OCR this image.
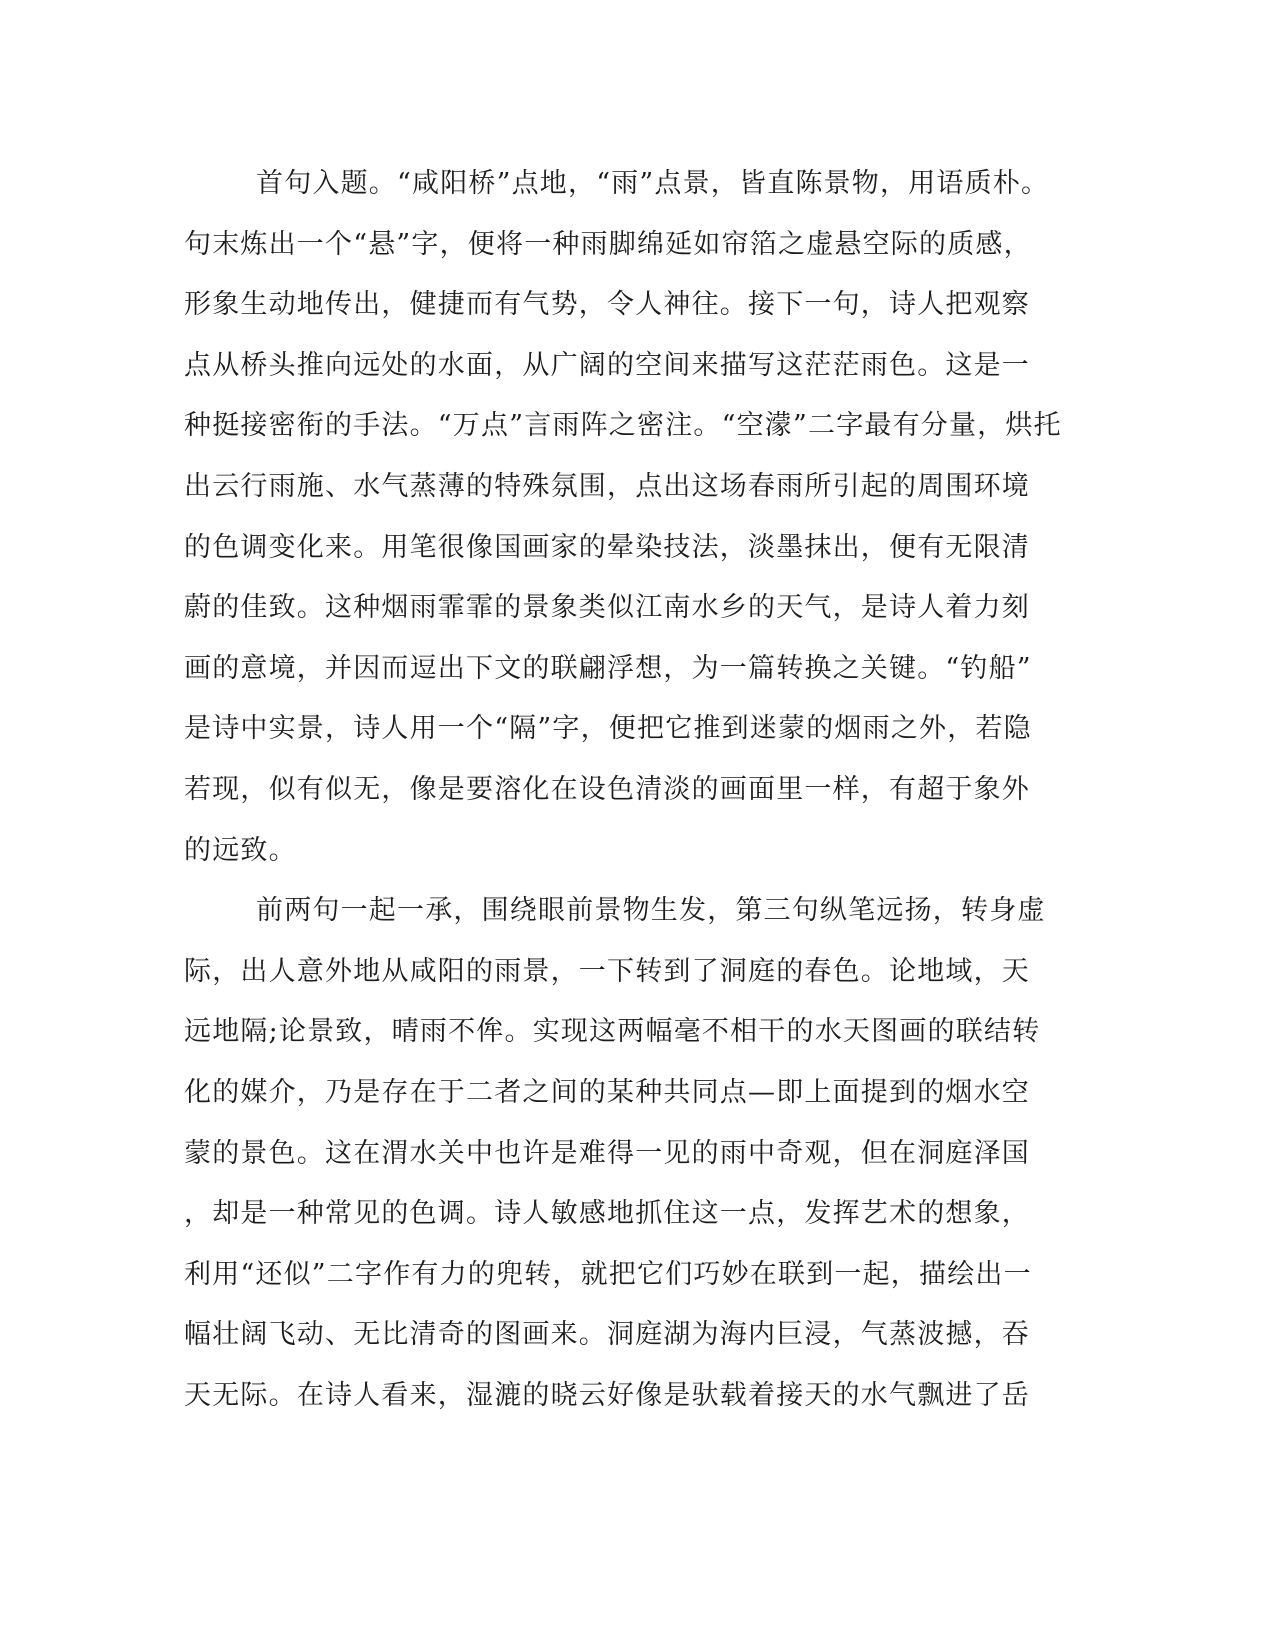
首句入题。“咸阳桥”点地，“雨”点景，皆直陈景物，用语质朴。
句末炼出一个“悬”字，便将一种雨脚绵延如帘箔之虚悬空际的质感，
形象生动地传出，健捷而有气势，令人神往。接下一句，诗人把观察
点从桥头推向远处的水面，从广阔的空间来描写这茫茫雨色。这是一
种挺接密衔的手法。“万点”言雨阵之密注。“空濛”二字最有分量，烘托
出云行雨施、水气蒸薄的特殊氛围，点出这场春雨所引起的周围环境
的色调变化来。用笔很像国画家的晕染技法，淡墨抹出，便有无限清
蔚的佳致。这种烟雨霏霏的景象类似江南水乡的天气，是诗人着力刻
画的意境，并因而逗出下文的联翩浮想，为一篇转换之关键。“钓船”
是诗中实景，诗人用一个“隔”字，便把它推到迷蒙的烟雨之外，若隐
若现，似有似无，像是要溶化在设色清淡的画面里一样，有超于象外
的远致。
前两句一起一承，围绕眼前景物生发，第三句纵笔远扬，转身虚
际，出人意外地从咸阳的雨景，一下转到了洞庭的春色。论地域，天
远地隔;论景致，晴雨不侔。实现这两幅毫不相干的水天图画的联结转
化的媒介，乃是存在于二者之间的某种共同点—即上面提到的烟水空
蒙的景色。这在渭水关中也许是难得一见的雨中奇观，但在洞庭泽国
，却是一种常见的色调。诗人敏感地抓住这一点，发挥艺术的想象，
利用“还似”二字作有力的兜转，就把它们巧妙在联到一起，描绘出一
幅壮阔飞动、无比清奇的图画来。洞庭湖为海内巨浸，气蒸波撼，吞
天无际。在诗人看来，湿漉的晓云好像是驮载着接天的水气飘进了岳
